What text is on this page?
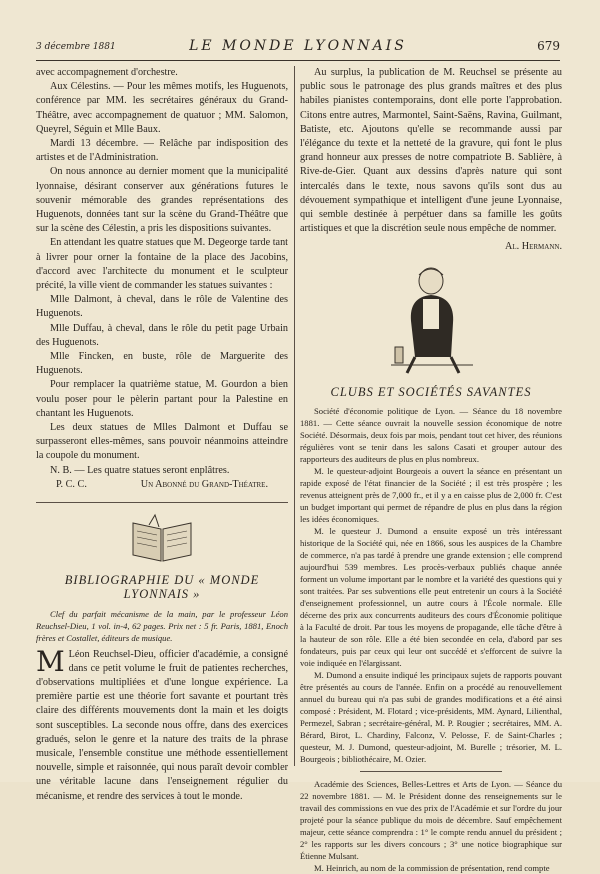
3 décembre 1881	LE MONDE LYONNAIS	679

avec accompagnement d'orchestre.

Aux Célestins. — Pour les mêmes motifs, les Huguenots, conférence par MM. les secrétaires généraux du Grand-Théâtre, avec accompagnement de quatuor ; MM. Salomon, Queyrel, Séguin et Mlle Baux.

Mardi 13 décembre. — Relâche par indisposition des artistes et de l'Administration.

On nous annonce au dernier moment que la municipalité lyonnaise, désirant conserver aux générations futures le souvenir mémorable des grandes représentations des Huguenots, données tant sur la scène du Grand-Théâtre que sur la scène des Célestin, a pris les dispositions suivantes.

En attendant les quatre statues que M. Degeorge tarde tant à livrer pour orner la fontaine de la place des Jacobins, d'accord avec l'architecte du monument et le sculpteur précité, la ville vient de commander les statues suivantes :

Mlle Dalmont, à cheval, dans le rôle de Valentine des Huguenots.

Mlle Duffau, à cheval, dans le rôle du petit page Urbain des Huguenots.

Mlle Fincken, en buste, rôle de Marguerite des Huguenots.

Pour remplacer la quatrième statue, M. Gourdon a bien voulu poser pour le pèlerin partant pour la Palestine en chantant les Huguenots.

Les deux statues de Mlles Dalmont et Duffau se surpasseront elles-mêmes, sans pouvoir néanmoins atteindre la coupole du monument.

N. B. — Les quatre statues seront enplâtres.

P. C. C.	Un Abonné du Grand-Théatre.
BIBLIOGRAPHIE DU « MONDE LYONNAIS »

Clef du parfait mécanisme de la main, par le professeur Léon Reuchsel-Dieu, 1 vol. in-4, 62 pages. Prix net : 5 fr. Paris, 1881, Enoch frères et Costallet, éditeurs de musique.

M Léon Reuchsel-Dieu, officier d'académie, a consigné dans ce petit volume le fruit de patientes recherches, d'observations multipliées et d'une longue expérience. La première partie est une théorie fort savante et pourtant très claire des différents mouvements dont la main et les doigts sont susceptibles. La seconde nous offre, dans des exercices gradués, selon le genre et la nature des traits de la phrase musicale, l'ensemble constitue une méthode essentiellement nouvelle, simple et raisonnée, qui nous paraît devoir combler une véritable lacune dans l'enseignement régulier du mécanisme, et rendre des services à tout le monde.

Au surplus, la publication de M. Reuchsel se présente au public sous le patronage des plus grands maîtres et des plus habiles pianistes contemporains, dont elle porte l'approbation. Citons entre autres, Marmontel, Saint-Saëns, Ravina, Guilmant, Batiste, etc. Ajoutons qu'elle se recommande aussi par l'élégance du texte et la netteté de la gravure, qui font le plus grand honneur aux presses de notre compatriote B. Sablière, à Rive-de-Gier. Quant aux dessins d'après nature qui sont intercalés dans le texte, nous savons qu'ils sont dus au dévouement sympathique et intelligent d'une jeune Lyonnaise, qui semble destinée à perpétuer dans sa famille les goûts artistiques et que la discrétion seule nous empêche de nommer.

Al. Hermann.
CLUBS ET SOCIÉTÉS SAVANTES

Société d'économie politique de Lyon. — Séance du 18 novembre 1881. — Cette séance ouvrait la nouvelle session économique de notre Société. Désormais, deux fois par mois, pendant tout cet hiver, des réunions régulières vont se tenir dans les salons Casati et grouper autour des rapporteurs des auditeurs de plus en plus nombreux.

M. le questeur-adjoint Bourgeois a ouvert la séance en présentant un rapide exposé de l'état financier de la Société ; il est très prospère ; les revenus atteignent près de 7,000 fr., et il y a en caisse plus de 2,000 fr. C'est un budget important qui permet de répandre de plus en plus dans la région les idées économiques.

M. le questeur J. Dumond a ensuite exposé un très intéressant historique de la Société qui, née en 1866, sous les auspices de la Chambre de commerce, n'a pas tardé à prendre une grande extension ; elle comprend aujourd'hui 539 membres. Les procès-verbaux publiés chaque année forment un volume important par le nombre et la variété des questions qui y sont traitées. Par ses subventions elle peut entretenir un cours à la Société d'enseignement professionnel, un autre cours à l'École normale. Elle décerne des prix aux concurrents auditeurs des cours d'Économie politique à la Faculté de droit. Par tous les moyens de propagande, elle tâche d'être à la hauteur de son rôle. Elle a été bien secondée en cela, d'abord par ses fondateurs, puis par ceux qui leur ont succédé et s'efforcent de suivre la voie indiquée en l'élargissant.

M. Dumond a ensuite indiqué les principaux sujets de rapports pouvant être présentés au cours de l'année. Enfin on a procédé au renouvellement annuel du bureau qui n'a pas subi de grandes modifications et a été ainsi composé : Président, M. Flotard ; vice-présidents, MM. Aynard, Lilienthal, Permezel, Sabran ; secrétaire-général, M. P. Rougier ; secrétaires, MM. A. Bérard, Birot, L. Chardiny, Falconz, V. Pelosse, F. de Saint-Charles ; questeur, M. J. Dumond, questeur-adjoint, M. Burelle ; trésorier, M. L. Bourgeois ; bibliothécaire, M. Ozier.

Académie des Sciences, Belles-Lettres et Arts de Lyon. — Séance du 22 novembre 1881. — M. le Président donne des renseignements sur le travail des commissions en vue des prix de l'Académie et sur l'ordre du jour projeté pour la séance publique du mois de décembre. Sauf empêchement majeur, cette séance comprendra : 1° le compte rendu annuel du président ; 2° les rapports sur les divers concours ; 3° une notice biographique sur Étienne Mulsant.

M. Heinrich, au nom de la commission de présentation, rend compte
